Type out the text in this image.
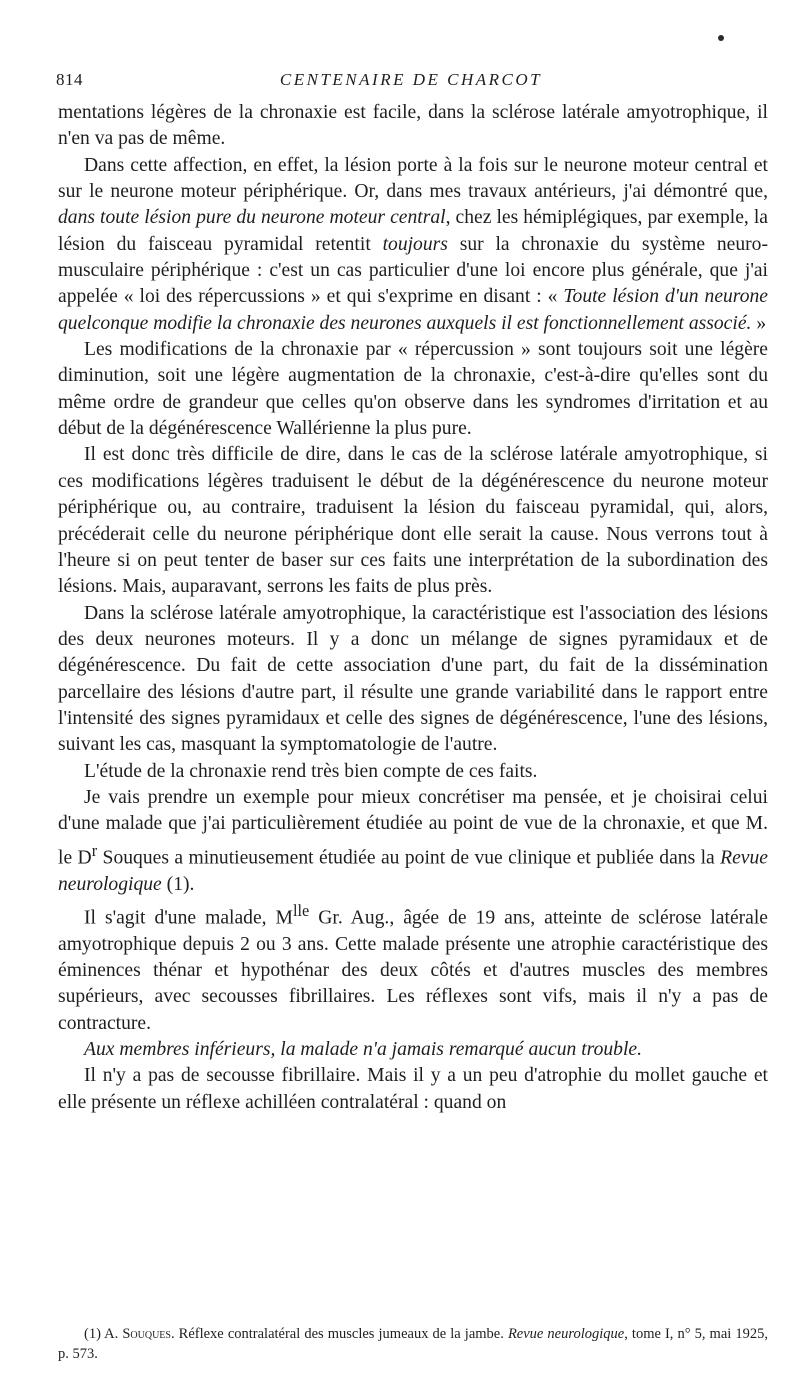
814	CENTENAIRE DE CHARCOT

mentations légères de la chronaxie est facile, dans la sclérose latérale amyotrophique, il n'en va pas de même.

Dans cette affection, en effet, la lésion porte à la fois sur le neurone moteur central et sur le neurone moteur périphérique. Or, dans mes travaux antérieurs, j'ai démontré que, dans toute lésion pure du neurone moteur central, chez les hémiplégiques, par exemple, la lésion du faisceau pyramidal retentit toujours sur la chronaxie du système neuro-musculaire périphérique : c'est un cas particulier d'une loi encore plus générale, que j'ai appelée « loi des répercussions » et qui s'exprime en disant : « Toute lésion d'un neurone quelconque modifie la chronaxie des neurones auxquels il est fonctionnellement associé. »

Les modifications de la chronaxie par « répercussion » sont toujours soit une légère diminution, soit une légère augmentation de la chronaxie, c'est-à-dire qu'elles sont du même ordre de grandeur que celles qu'on observe dans les syndromes d'irritation et au début de la dégénérescence Wallérienne la plus pure.

Il est donc très difficile de dire, dans le cas de la sclérose latérale amyotrophique, si ces modifications légères traduisent le début de la dégénérescence du neurone moteur périphérique ou, au contraire, traduisent la lésion du faisceau pyramidal, qui, alors, précéderait celle du neurone périphérique dont elle serait la cause. Nous verrons tout à l'heure si on peut tenter de baser sur ces faits une interprétation de la subordination des lésions. Mais, auparavant, serrons les faits de plus près.

Dans la sclérose latérale amyotrophique, la caractéristique est l'association des lésions des deux neurones moteurs. Il y a donc un mélange de signes pyramidaux et de dégénérescence. Du fait de cette association d'une part, du fait de la dissémination parcellaire des lésions d'autre part, il résulte une grande variabilité dans le rapport entre l'intensité des signes pyramidaux et celle des signes de dégénérescence, l'une des lésions, suivant les cas, masquant la symptomatologie de l'autre.

L'étude de la chronaxie rend très bien compte de ces faits.

Je vais prendre un exemple pour mieux concrétiser ma pensée, et je choisirai celui d'une malade que j'ai particulièrement étudiée au point de vue de la chronaxie, et que M. le $D^r$ Souques a minutieusement étudiée au point de vue clinique et publiée dans la Revue neurologique (1).

Il s'agit d'une malade, $M^{lle}$ Gr. Aug., âgée de 19 ans, atteinte de sclérose latérale amyotrophique depuis 2 ou 3 ans. Cette malade présente une atrophie caractéristique des éminences thénar et hypothénar des deux côtés et d'autres muscles des membres supérieurs, avec secousses fibrillaires. Les réflexes sont vifs, mais il n'y a pas de contracture.

Aux membres inférieurs, la malade n'a jamais remarqué aucun trouble.

Il n'y a pas de secousse fibrillaire. Mais il y a un peu d'atrophie du mollet gauche et elle présente un réflexe achilléen contralatéral : quand on

(1) A. Souques. Réflexe contralatéral des muscles jumeaux de la jambe. Revue neurologique, tome I, n° 5, mai 1925, p. 573.
